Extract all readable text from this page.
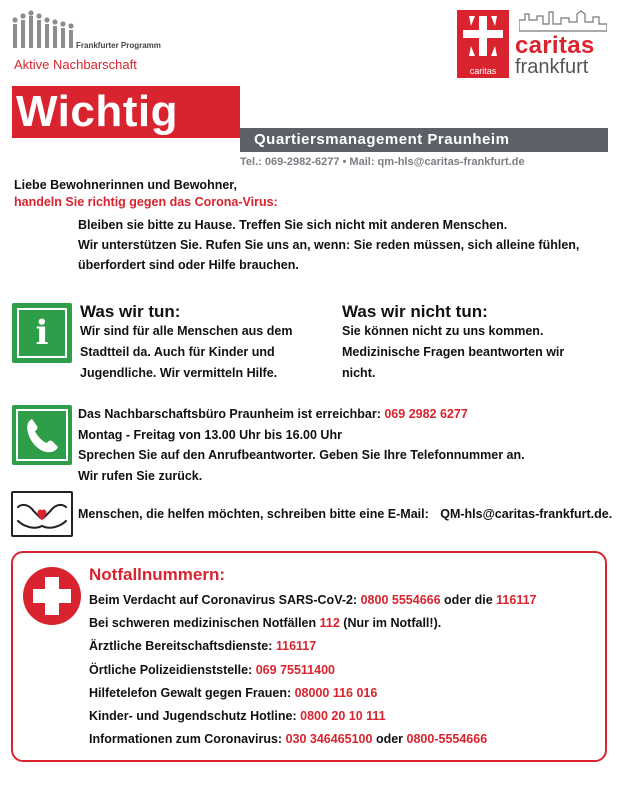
Frankfurter Programm
Aktive Nachbarschaft	caritas
caritas
frankfurt
Wichtig
Quartiersmanagement Praunheim
Tel.: 069-2982-6277 • Mail: qm-hls@caritas-frankfurt.de
Liebe Bewohnerinnen und Bewohner,
handeln Sie richtig gegen das Corona-Virus:
Bleiben sie bitte zu Hause. Treffen Sie sich nicht mit anderen Menschen.
Wir unterstützen Sie. Rufen Sie uns an, wenn: Sie reden müssen, sich alleine fühlen,
überfordert sind oder Hilfe brauchen.
i
Was wir tun:
Wir sind für alle Menschen aus dem Stadtteil da. Auch für Kinder und Jugendliche. Wir vermitteln Hilfe.
Was wir nicht tun:
Sie können nicht zu uns kommen. Medizinische Fragen beantworten wir nicht.
Das Nachbarschaftsbüro Praunheim ist erreichbar: 069 2982 6277
Montag - Freitag von 13.00 Uhr bis 16.00 Uhr
Sprechen Sie auf den Anrufbeantworter. Geben Sie Ihre Telefonnummer an.
Wir rufen Sie zurück.
Menschen, die helfen möchten, schreiben bitte eine E-Mail: QM-hls@caritas-frankfurt.de.
Notfallnummern:
Beim Verdacht auf Coronavirus SARS-CoV-2: 0800 5554666 oder die 116117
Bei schweren medizinischen Notfällen 112 (Nur im Notfall!).
Ärztliche Bereitschaftsdienste: 116117
Örtliche Polizeidienststelle: 069 75511400
Hilfetelefon Gewalt gegen Frauen: 08000 116 016
Kinder- und Jugendschutz Hotline: 0800 20 10 111
Informationen zum Coronavirus: 030 346465100 oder 0800-5554666
